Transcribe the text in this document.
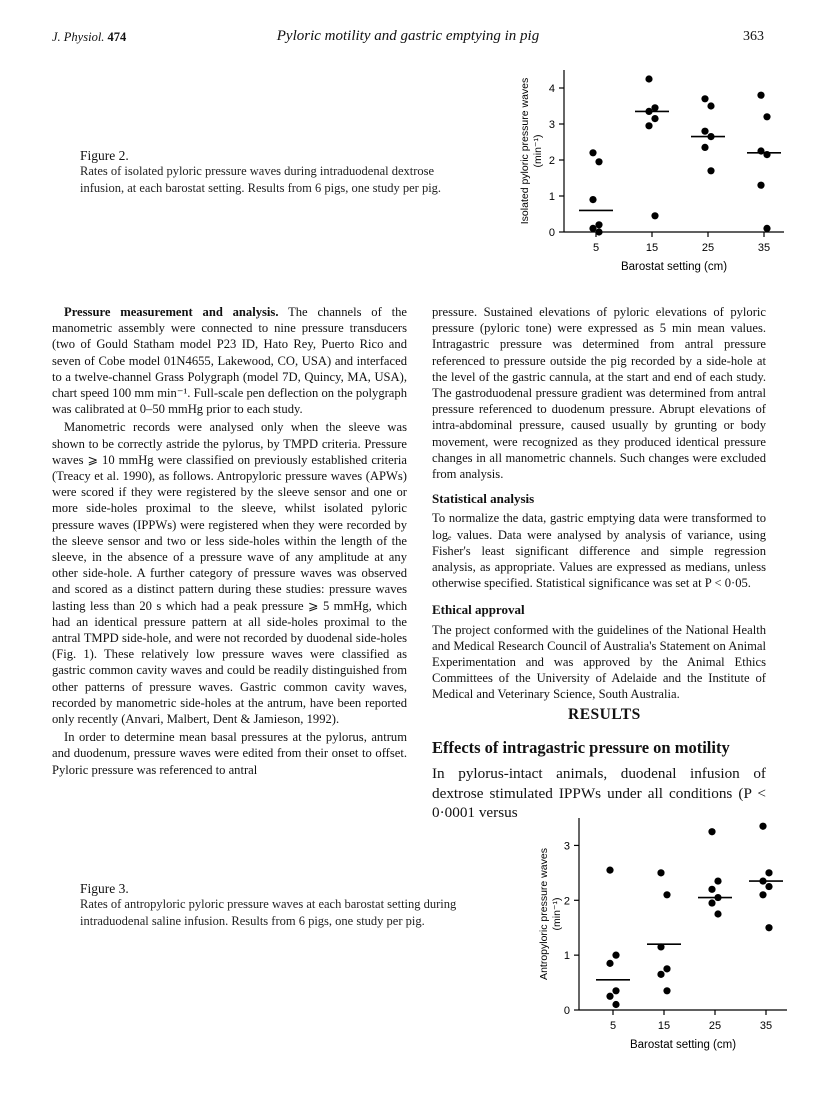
J. Physiol. 474	Pyloric motility and gastric emptying in pig	363
Figure 2.
Rates of isolated pyloric pressure waves during intraduodenal dextrose infusion, at each barostat setting. Results from 6 pigs, one study per pig.
0
1
2
3
4
5	15	25	35
Barostat setting (cm)
Isolated pyloric pressure waves (min⁻¹)

Pressure measurement and analysis. The channels of the manometric assembly were connected to nine pressure transducers (two of Gould Statham model P23 ID, Hato Rey, Puerto Rico and seven of Cobe model 01N4655, Lakewood, CO, USA) and interfaced to a twelve-channel Grass Polygraph (model 7D, Quincy, MA, USA), chart speed 100 mm min⁻¹. Full-scale pen deflection on the polygraph was calibrated at 0–50 mmHg prior to each study.

Manometric records were analysed only when the sleeve was shown to be correctly astride the pylorus, by TMPD criteria. Pressure waves ⩾ 10 mmHg were classified on previously established criteria (Treacy et al. 1990), as follows. Antropyloric pressure waves (APWs) were scored if they were registered by the sleeve sensor and one or more side-holes proximal to the sleeve, whilst isolated pyloric pressure waves (IPPWs) were registered when they were recorded by the sleeve sensor and two or less side-holes within the length of the sleeve, in the absence of a pressure wave of any amplitude at any other side-hole. A further category of pressure waves was observed and scored as a distinct pattern during these studies: pressure waves lasting less than 20 s which had a peak pressure ⩾ 5 mmHg, which had an identical pressure pattern at all side-holes proximal to the antral TMPD side-hole, and were not recorded by duodenal side-holes (Fig. 1). These relatively low pressure waves were classified as gastric common cavity waves and could be readily distinguished from other patterns of pressure waves. Gastric common cavity waves, recorded by manometric side-holes at the antrum, have been reported only recently (Anvari, Malbert, Dent & Jamieson, 1992).

In order to determine mean basal pressures at the pylorus, antrum and duodenum, pressure waves were edited from their onset to offset. Pyloric pressure was referenced to antral

pressure. Sustained elevations of pyloric elevations of pyloric pressure (pyloric tone) were expressed as 5 min mean values. Intragastric pressure was determined from antral pressure referenced to pressure outside the pig recorded by a side-hole at the level of the gastric cannula, at the start and end of each study. The gastroduodenal pressure gradient was determined from antral pressure referenced to duodenum pressure. Abrupt elevations of intra-abdominal pressure, caused usually by grunting or body movement, were recognized as they produced identical pressure changes in all manometric channels. Such changes were excluded from analysis.

Statistical analysis

To normalize the data, gastric emptying data were transformed to logₑ values. Data were analysed by analysis of variance, using Fisher's least significant difference and simple regression analysis, as appropriate. Values are expressed as medians, unless otherwise specified. Statistical significance was set at P < 0·05.

Ethical approval

The project conformed with the guidelines of the National Health and Medical Research Council of Australia's Statement on Animal Experimentation and was approved by the Animal Ethics Committees of the University of Adelaide and the Institute of Medical and Veterinary Science, South Australia.

RESULTS
Effects of intragastric pressure on motility
In pylorus-intact animals, duodenal infusion of dextrose stimulated IPPWs under all conditions (P < 0·0001 versus
Figure 3.
Rates of antropyloric pyloric pressure waves at each barostat setting during intraduodenal saline infusion. Results from 6 pigs, one study per pig.
0
1
2
3
5	15	25	35
Barostat setting (cm)
Antropyloric pressure waves (min⁻¹)
